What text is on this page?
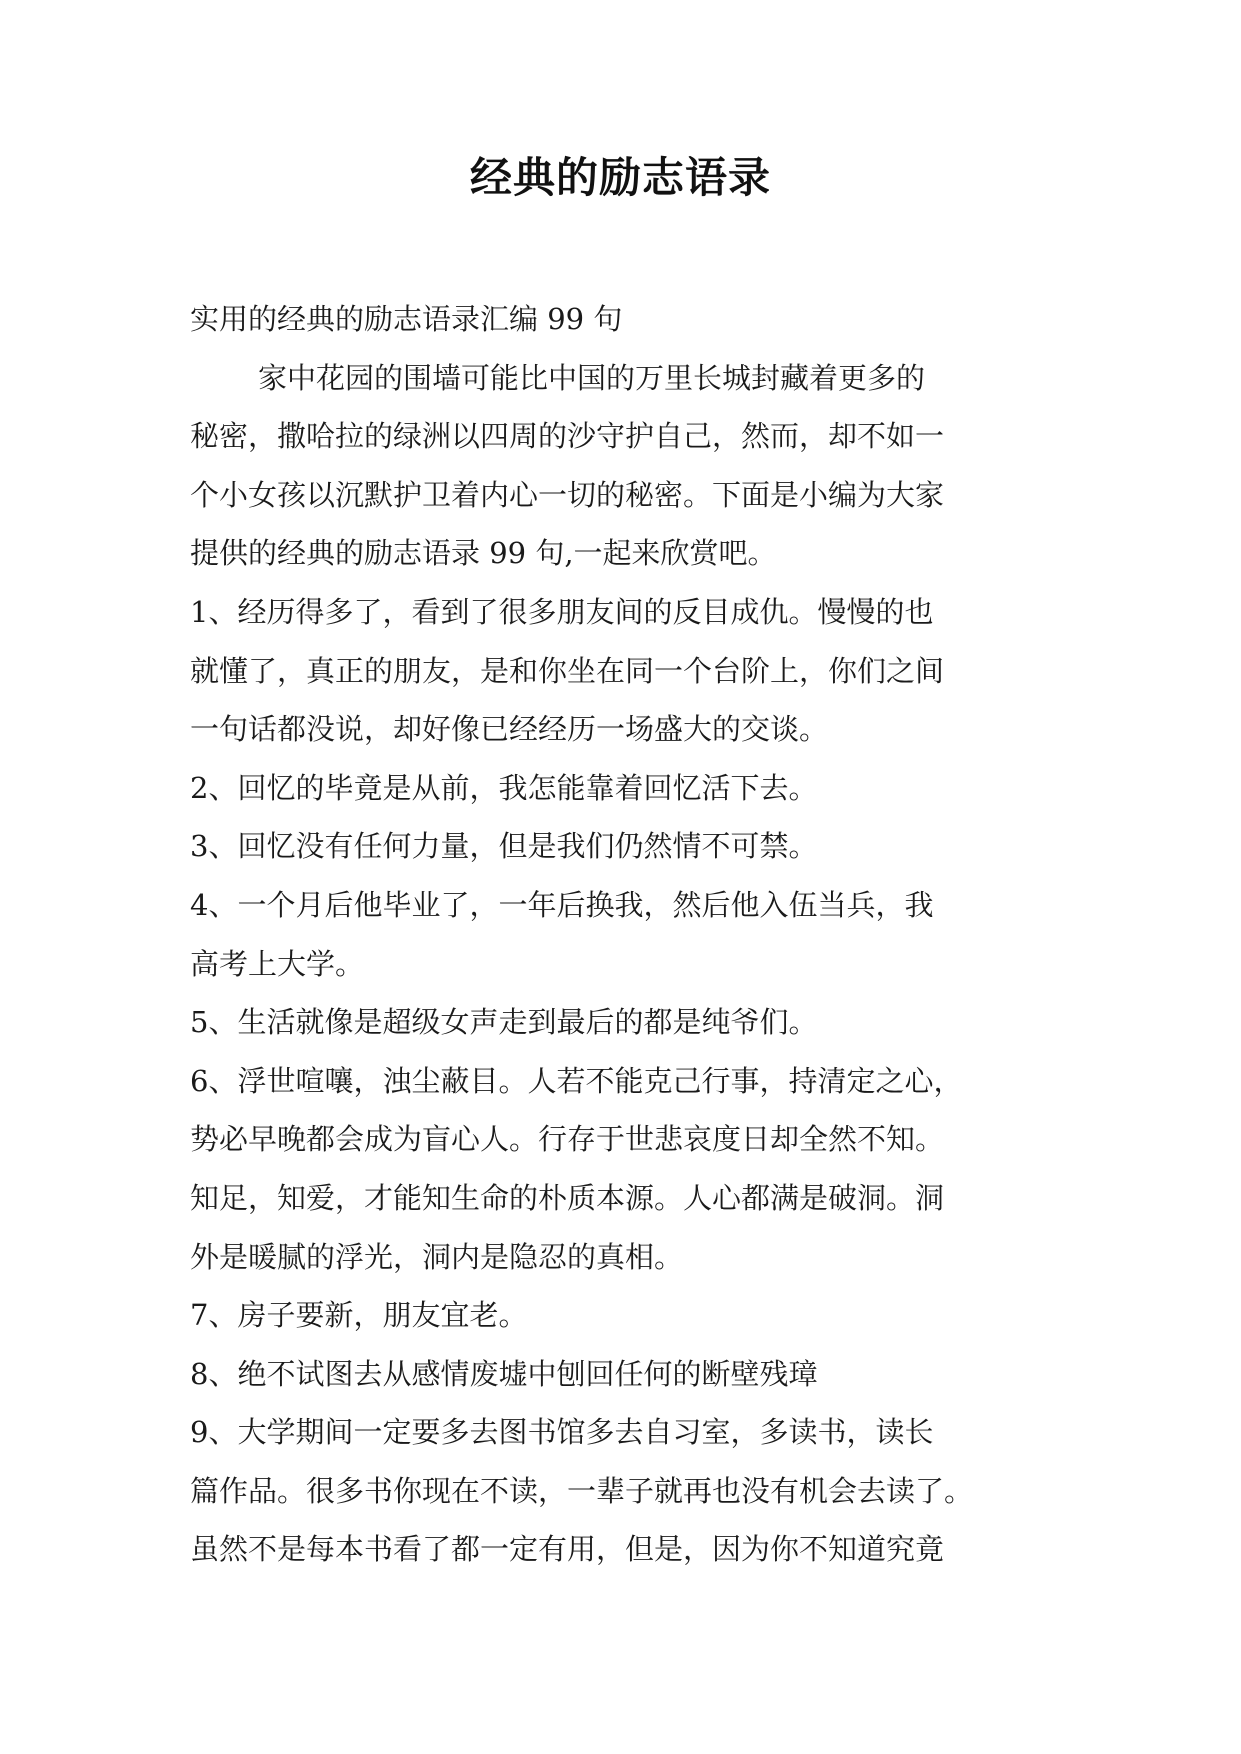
经典的励志语录
实用的经典的励志语录汇编 99 句
家中花园的围墙可能比中国的万里长城封藏着更多的
秘密，撒哈拉的绿洲以四周的沙守护自己，然而，却不如一
个小女孩以沉默护卫着内心一切的秘密。下面是小编为大家
提供的经典的励志语录 99 句,一起来欣赏吧。
1、经历得多了，看到了很多朋友间的反目成仇。慢慢的也
就懂了，真正的朋友，是和你坐在同一个台阶上，你们之间
一句话都没说，却好像已经经历一场盛大的交谈。
2、回忆的毕竟是从前，我怎能靠着回忆活下去。
3、回忆没有任何力量，但是我们仍然情不可禁。
4、一个月后他毕业了，一年后换我，然后他入伍当兵，我
高考上大学。
5、生活就像是超级女声走到最后的都是纯爷们。
6、浮世喧嚷，浊尘蔽目。人若不能克己行事，持清定之心，
势必早晚都会成为盲心人。行存于世悲哀度日却全然不知。
知足，知爱，才能知生命的朴质本源。人心都满是破洞。洞
外是暖腻的浮光，洞内是隐忍的真相。
7、房子要新，朋友宜老。
8、绝不试图去从感情废墟中刨回任何的断壁残璋
9、大学期间一定要多去图书馆多去自习室，多读书，读长
篇作品。很多书你现在不读，一辈子就再也没有机会去读了。
虽然不是每本书看了都一定有用，但是，因为你不知道究竟
